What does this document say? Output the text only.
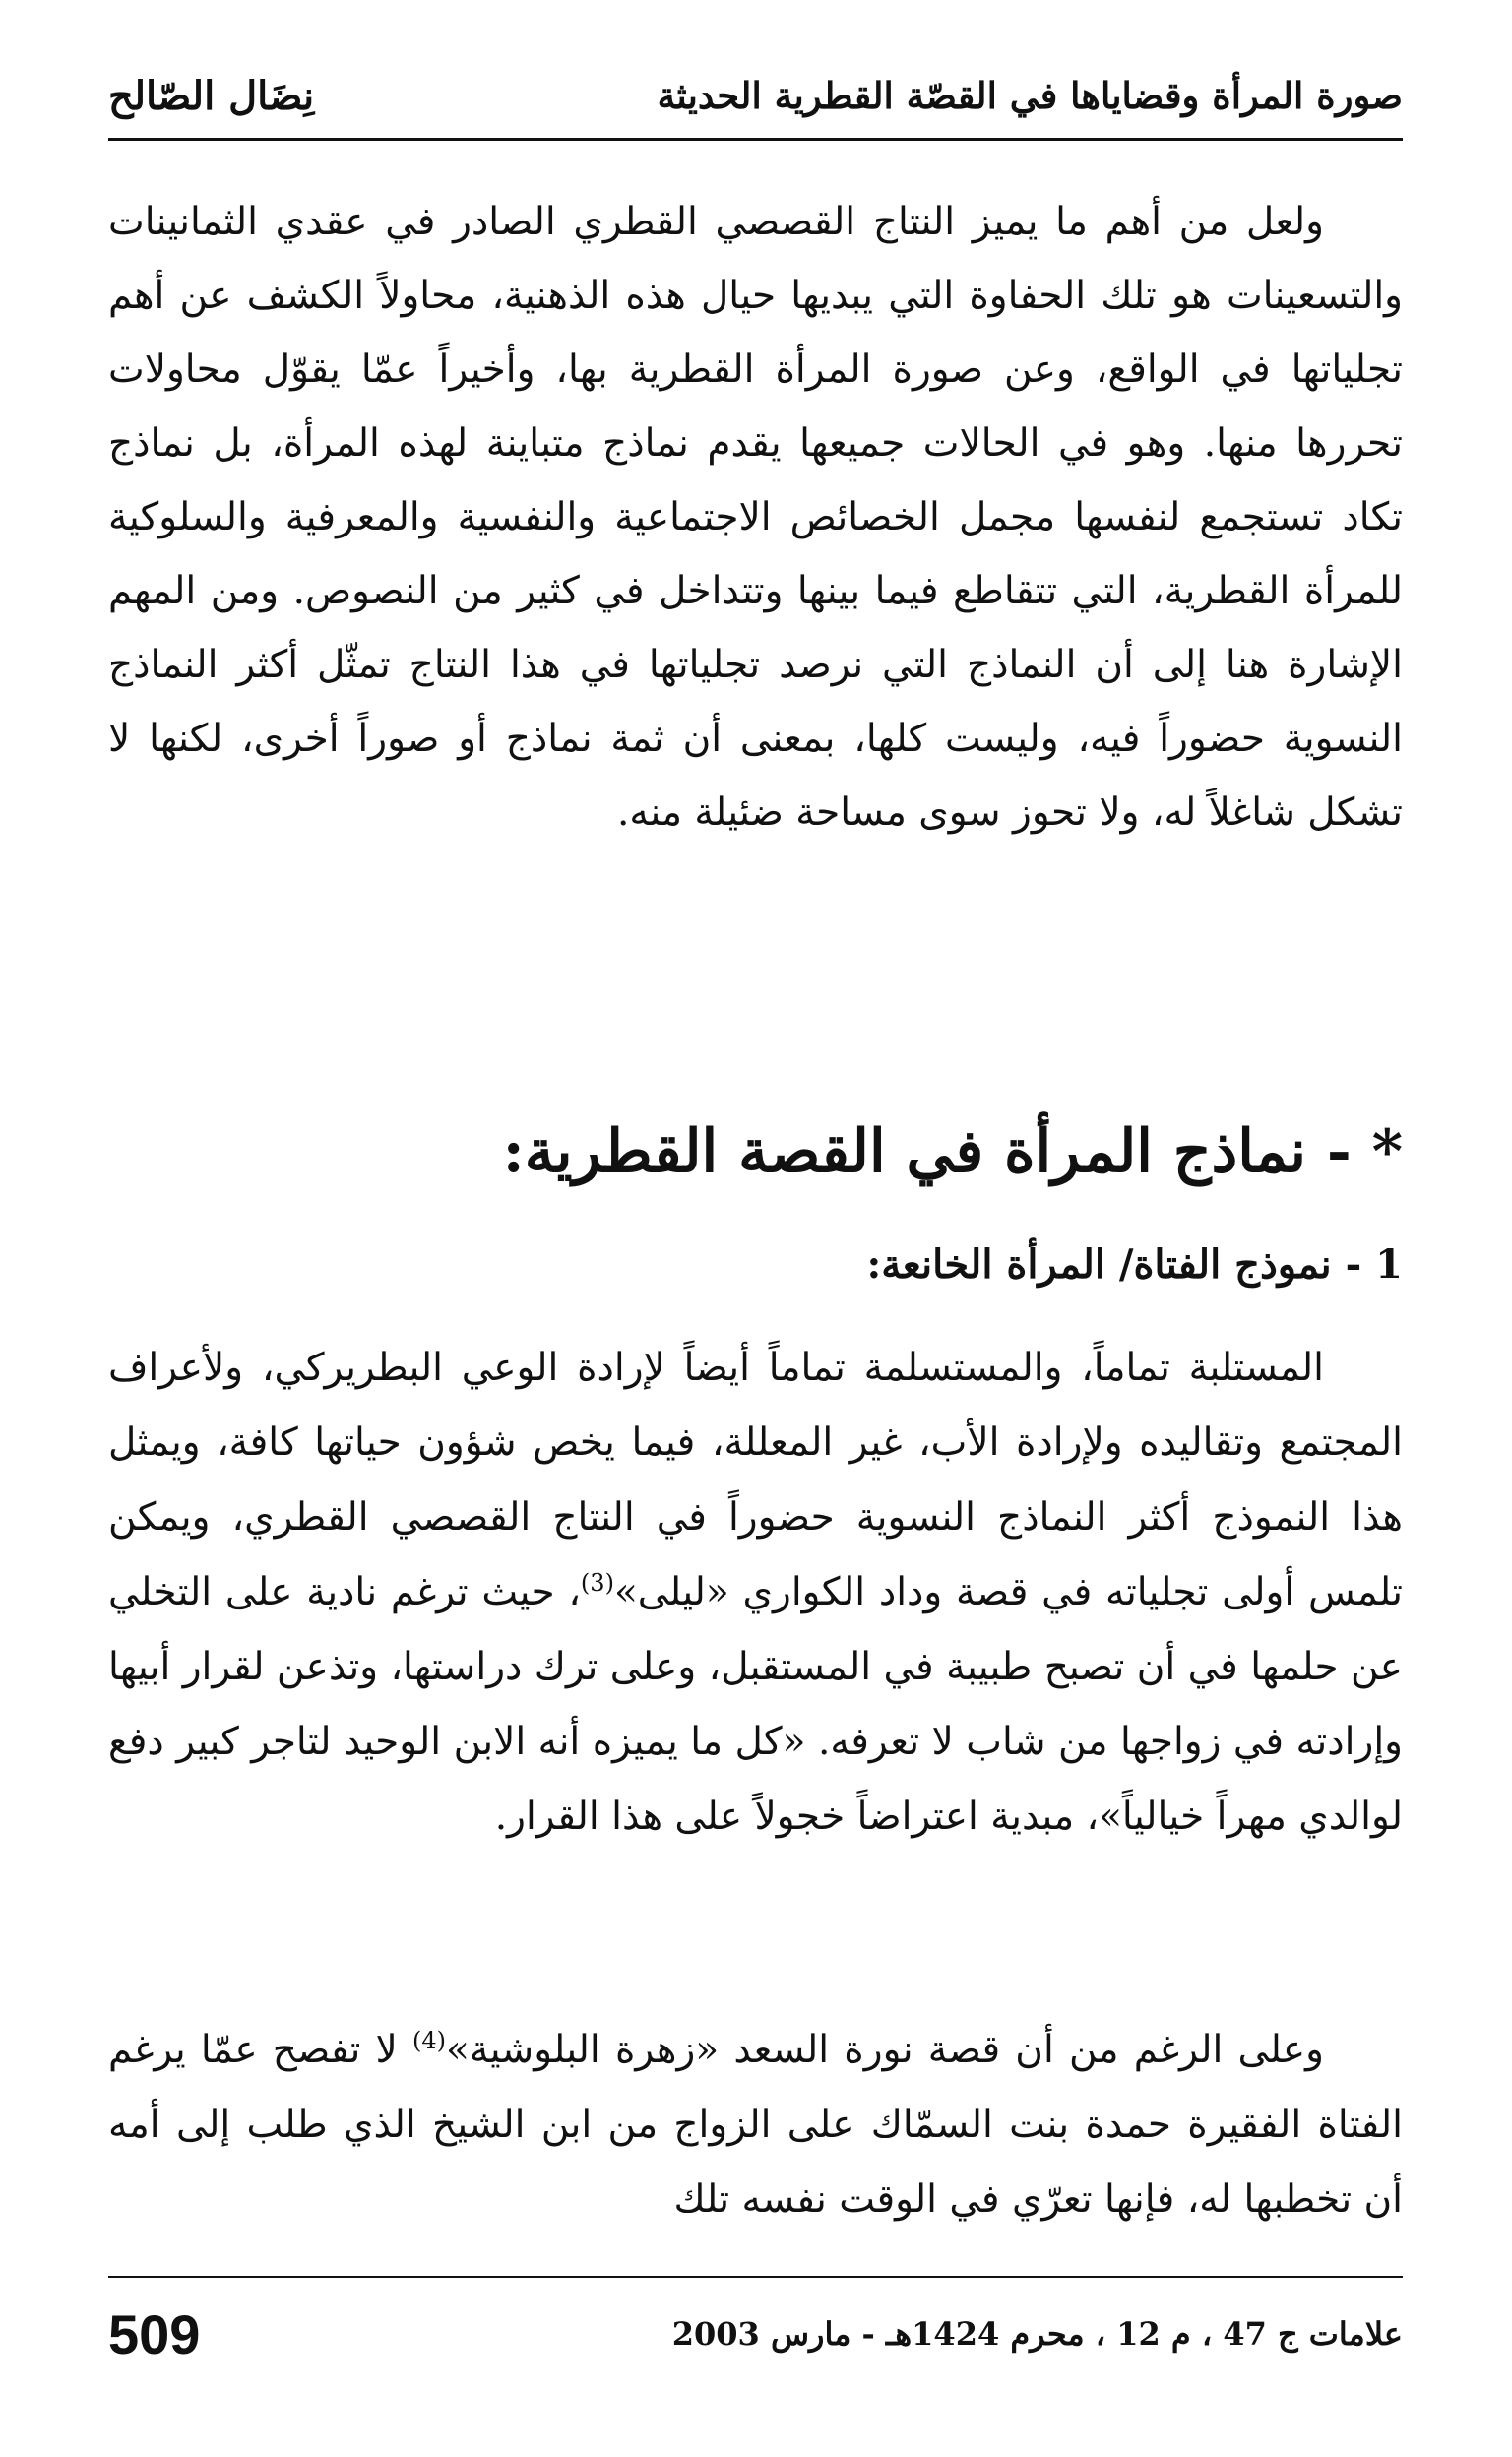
صورة المرأة وقضاياها في القصّة القطرية الحديثة
نِضَال الصّالح

ولعل من أهم ما يميز النتاج القصصي القطري الصادر في عقدي الثمانينات والتسعينات هو تلك الحفاوة التي يبديها حيال هذه الذهنية، محاولاً الكشف عن أهم تجلياتها في الواقع، وعن صورة المرأة القطرية بها، وأخيراً عمّا يقوّل محاولات تحررها منها. وهو في الحالات جميعها يقدم نماذج متباينة لهذه المرأة، بل نماذج تكاد تستجمع لنفسها مجمل الخصائص الاجتماعية والنفسية والمعرفية والسلوكية للمرأة القطرية، التي تتقاطع فيما بينها وتتداخل في كثير من النصوص. ومن المهم الإشارة هنا إلى أن النماذج التي نرصد تجلياتها في هذا النتاج تمثّل أكثر النماذج النسوية حضوراً فيه، وليست كلها، بمعنى أن ثمة نماذج أو صوراً أخرى، لكنها لا تشكل شاغلاً له، ولا تحوز سوى مساحة ضئيلة منه.

* - نماذج المرأة في القصة القطرية:
1 - نموذج الفتاة/ المرأة الخانعة:

المستلبة تماماً، والمستسلمة تماماً أيضاً لإرادة الوعي البطريركي، ولأعراف المجتمع وتقاليده ولإرادة الأب، غير المعللة، فيما يخص شؤون حياتها كافة، ويمثل هذا النموذج أكثر النماذج النسوية حضوراً في النتاج القصصي القطري، ويمكن تلمس أولى تجلياته في قصة وداد الكواري «ليلى»$^{(3)}$، حيث ترغم نادية على التخلي عن حلمها في أن تصبح طبيبة في المستقبل، وعلى ترك دراستها، وتذعن لقرار أبيها وإرادته في زواجها من شاب لا تعرفه. «كل ما يميزه أنه الابن الوحيد لتاجر كبير دفع لوالدي مهراً خيالياً»، مبدية اعتراضاً خجولاً على هذا القرار.

وعلى الرغم من أن قصة نورة السعد «زهرة البلوشية»$^{(4)}$ لا تفصح عمّا يرغم الفتاة الفقيرة حمدة بنت السمّاك على الزواج من ابن الشيخ الذي طلب إلى أمه أن تخطبها له، فإنها تعرّي في الوقت نفسه تلك

علامات ج 47 ، م 12 ، محرم 1424هـ - مارس 2003
509
